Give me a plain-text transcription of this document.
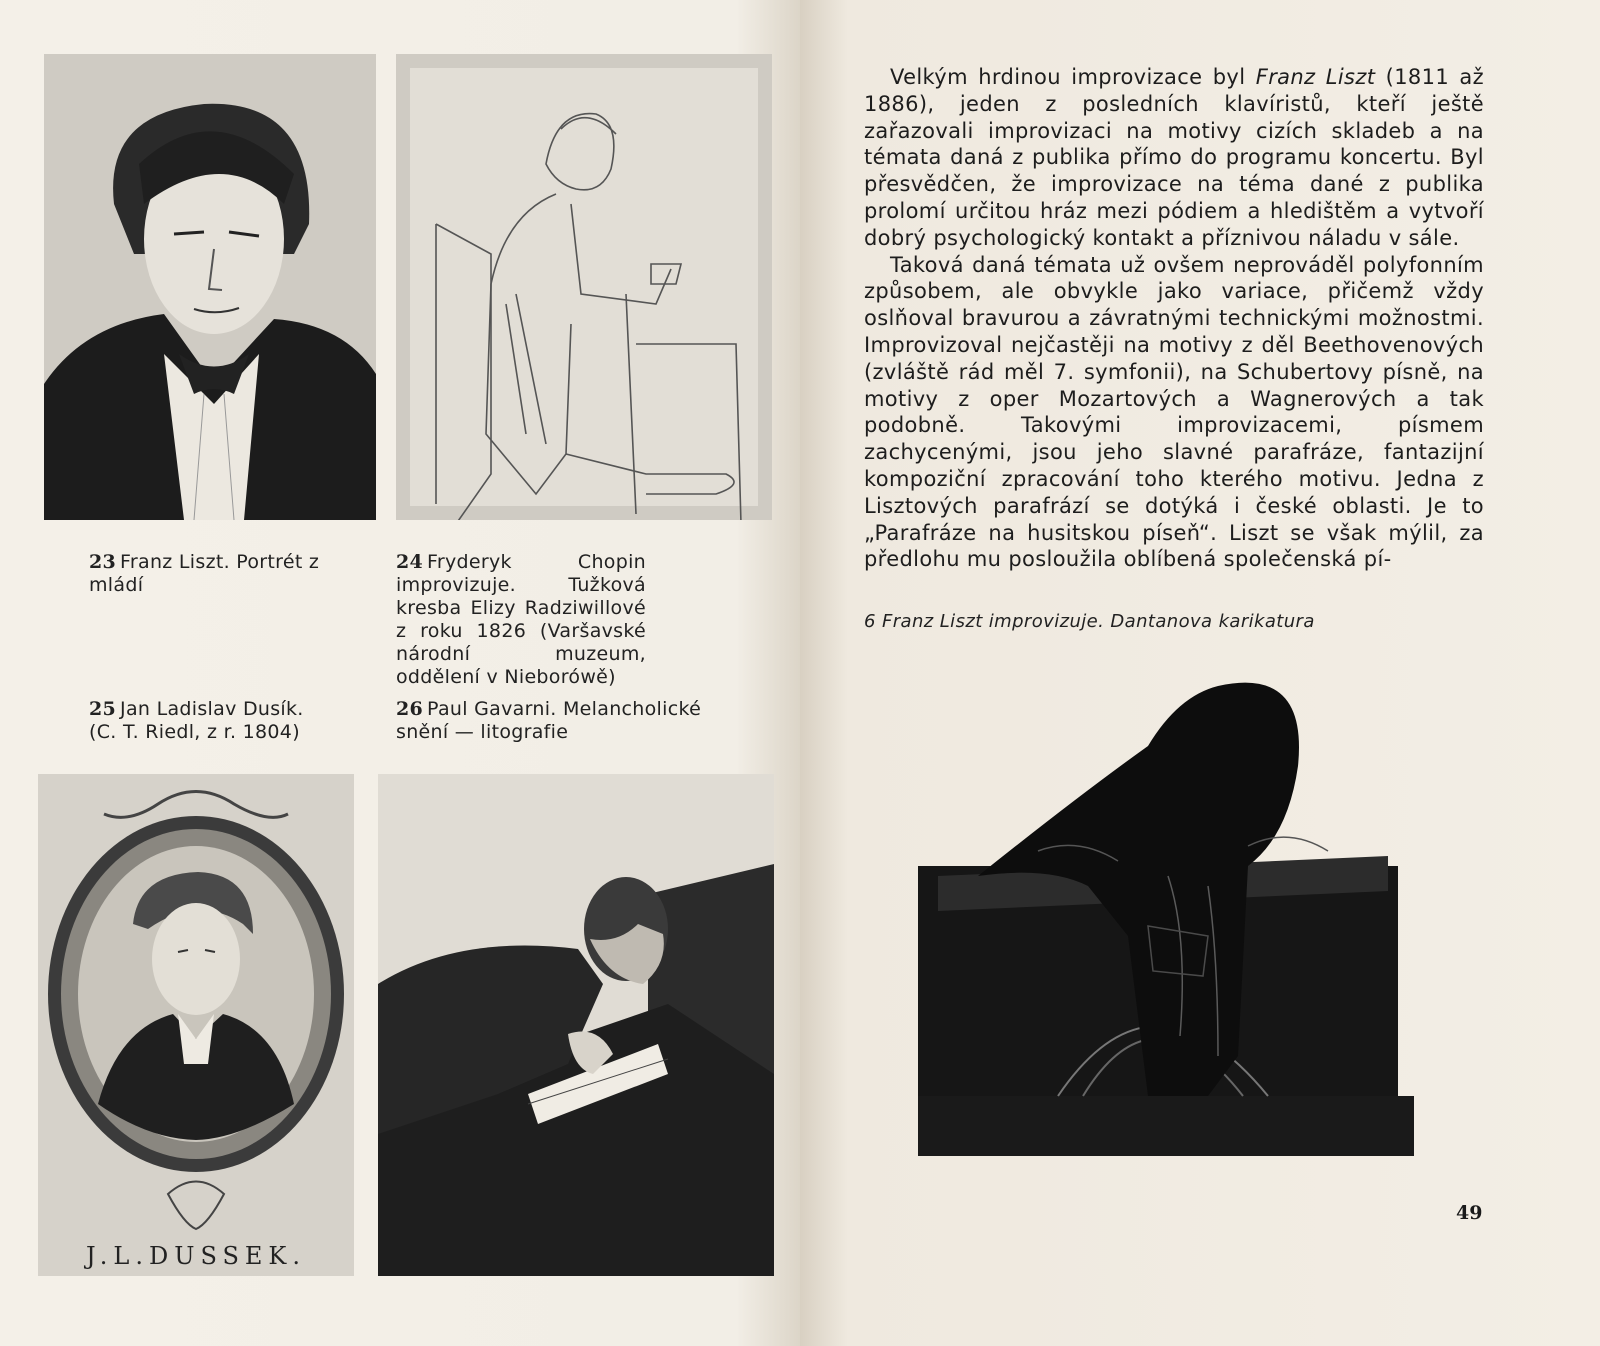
23 Franz Liszt. Portrét z mládí
24 Fryderyk Chopin improvizuje. Tužková kresba Elizy Radziwillové z roku 1826 (Varšavské národní muzeum, oddělení v Nieborówě)
25 Jan Ladislav Dusík. (C. T. Riedl, z r. 1804)
26 Paul Gavarni. Melancholické snění — litografie
J.L.DUSSEK.

Velkým hrdinou improvizace byl Franz Liszt (1811 až 1886), jeden z posledních klavíristů, kteří ještě zařazovali improvizaci na motivy cizích skladeb a na témata daná z publika přímo do programu koncertu. Byl přesvědčen, že improvizace na téma dané z publika prolomí určitou hráz mezi pódiem a hledištěm a vytvoří dobrý psychologický kontakt a příznivou náladu v sále.

Taková daná témata už ovšem neprováděl polyfonním způsobem, ale obvykle jako variace, přičemž vždy oslňoval bravurou a závratnými technickými možnostmi. Improvizoval nejčastěji na motivy z děl Beethovenových (zvláště rád měl 7. symfonii), na Schubertovy písně, na motivy z oper Mozartových a Wagnerových a tak podobně. Takovými improvizacemi, písmem zachycenými, jsou jeho slavné parafráze, fantazijní kompoziční zpracování toho kterého motivu. Jedna z Lisztových parafrází se dotýká i české oblasti. Je to „Parafráze na husitskou píseň“. Liszt se však mýlil, za předlohu mu posloužila oblíbená společenská pí-

6 Franz Liszt improvizuje. Dantanova karikatura
49
